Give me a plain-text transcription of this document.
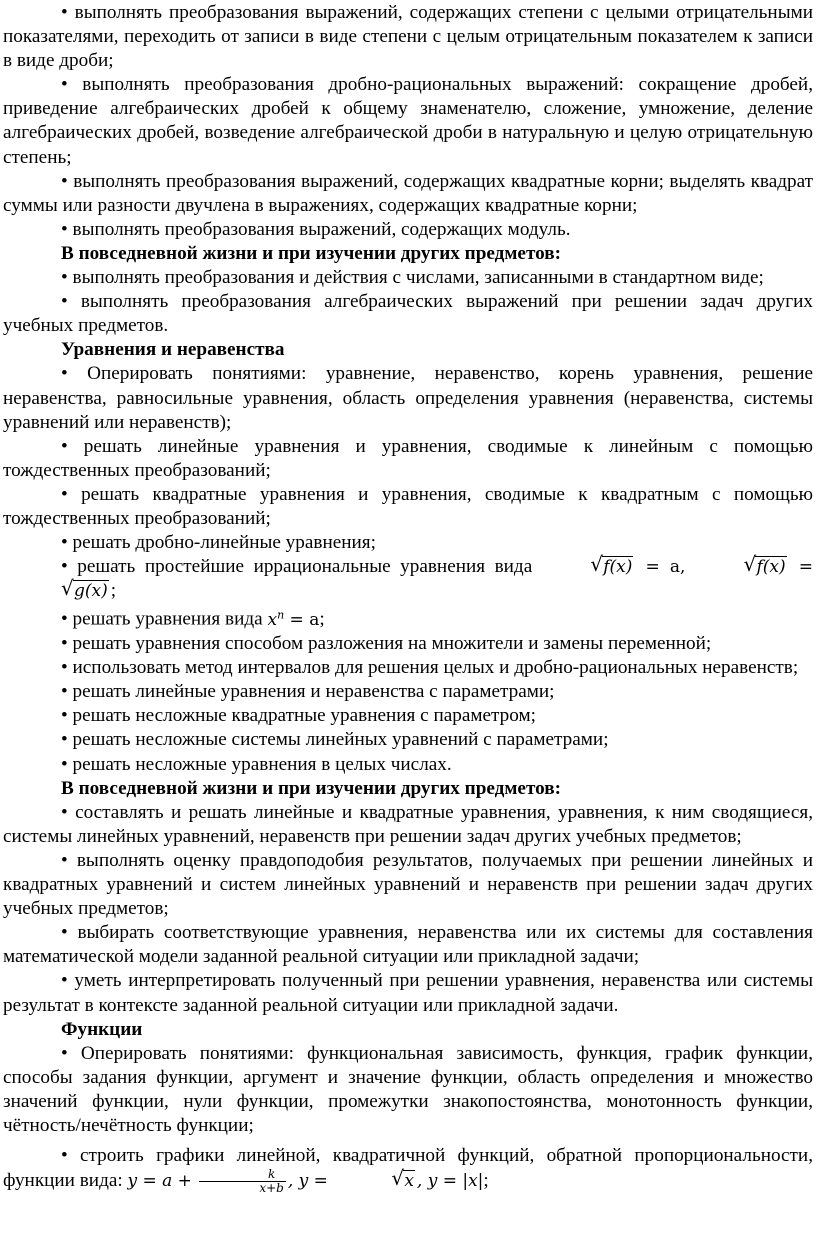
• выполнять преобразования выражений, содержащих степени с целыми отрицательными показателями, переходить от записи в виде степени с целым отрицательным показателем к записи в виде дроби;

• выполнять преобразования дробно-рациональных выражений: сокращение дробей, приведение алгебраических дробей к общему знаменателю, сложение, умножение, деление алгебраических дробей, возведение алгебраической дроби в натуральную и целую отрицательную степень;

• выполнять преобразования выражений, содержащих квадратные корни; выделять квадрат суммы или разности двучлена в выражениях, содержащих квадратные корни;

• выполнять преобразования выражений, содержащих модуль.

В повседневной жизни и при изучении других предметов:

• выполнять преобразования и действия с числами, записанными в стандартном виде;

• выполнять преобразования алгебраических выражений при решении задач других учебных предметов.

Уравнения и неравенства

• Оперировать понятиями: уравнение, неравенство, корень уравнения, решение неравенства, равносильные уравнения, область определения уравнения (неравенства, системы уравнений или неравенств);

• решать линейные уравнения и уравнения, сводимые к линейным с помощью тождественных преобразований;

• решать квадратные уравнения и уравнения, сводимые к квадратным с помощью тождественных преобразований;

• решать дробно-линейные уравнения;

• решать простейшие иррациональные уравнения вида	√ f(x) = a,	√ f(x) =
√ g(x) ;

• решать уравнения вида $x^n = a$;

• решать уравнения способом разложения на множители и замены переменной;

• использовать метод интервалов для решения целых и дробно-рациональных неравенств;

• решать линейные уравнения и неравенства с параметрами;

• решать несложные квадратные уравнения с параметром;

• решать несложные системы линейных уравнений с параметрами;

• решать несложные уравнения в целых числах.

В повседневной жизни и при изучении других предметов:

• составлять и решать линейные и квадратные уравнения, уравнения, к ним сводящиеся, системы линейных уравнений, неравенств при решении задач других учебных предметов;

• выполнять оценку правдоподобия результатов, получаемых при решении линейных и квадратных уравнений и систем линейных уравнений и неравенств при решении задач других учебных предметов;

• выбирать соответствующие уравнения, неравенства или их системы для составления математической модели заданной реальной ситуации или прикладной задачи;

• уметь интерпретировать полученный при решении уравнения, неравенства или системы результат в контексте заданной реальной ситуации или прикладной задачи.

Функции

• Оперировать понятиями: функциональная зависимость, функция, график функции, способы задания функции, аргумент и значение функции, область определения и множество значений функции, нули функции, промежутки знакопостоянства, монотонность функции, чётность/нечётность функции;

• строить графики линейной, квадратичной функций, обратной пропорциональности, функции вида: $y = a + \frac{k}{x+b}$ , y =	√ x , y = |x|;
